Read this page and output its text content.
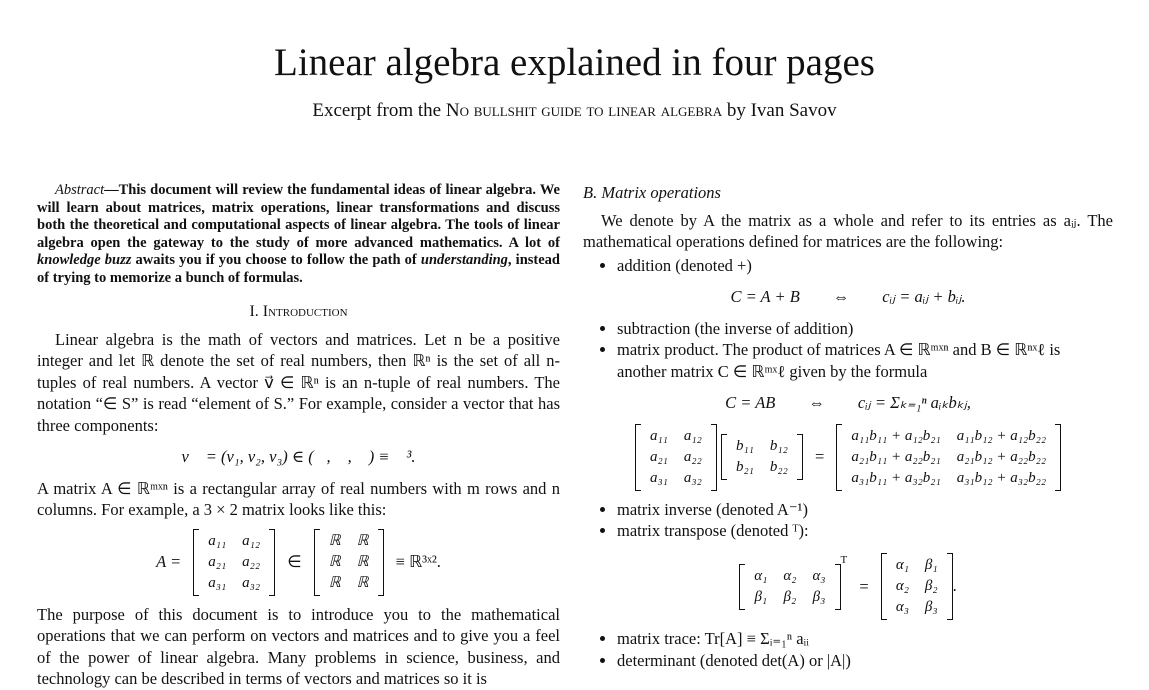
Linear algebra explained in four pages
Excerpt from the No bullshit guide to linear algebra by Ivan Savov
Abstract—This document will review the fundamental ideas of linear algebra. We will learn about matrices, matrix operations, linear transformations and discuss both the theoretical and computational aspects of linear algebra. The tools of linear algebra open the gateway to the study of more advanced mathematics. A lot of knowledge buzz awaits you if you choose to follow the path of understanding, instead of trying to memorize a bunch of formulas.
I. Introduction

Linear algebra is the math of vectors and matrices. Let n be a positive integer and let ℝ denote the set of real numbers, then ℝⁿ is the set of all n-tuples of real numbers. A vector v⃗ ∈ ℝⁿ is an n-tuple of real numbers. The notation “∈ S” is read “element of S.” For example, consider a vector that has three components:

v⃗ = (v₁, v₂, v₃) ∈ (ℝ, ℝ, ℝ) ≡ ℝ³.

A matrix A ∈ ℝᵐˣⁿ is a rectangular array of real numbers with m rows and n columns. For example, a 3 × 2 matrix looks like this:

A =
a₁₁	a₁₂
a₂₁	a₂₂
a₃₁	a₃₂
∈
ℝ	ℝ
ℝ	ℝ
ℝ	ℝ
≡ ℝ³ˣ².

The purpose of this document is to introduce you to the mathematical operations that we can perform on vectors and matrices and to give you a feel of the power of linear algebra. Many problems in science, business, and technology can be described in terms of vectors and matrices so it is

B. Matrix operations

We denote by A the matrix as a whole and refer to its entries as aᵢⱼ. The mathematical operations defined for matrices are the following:

• addition (denoted +)
C = A + B        ⇔        cᵢⱼ = aᵢⱼ + bᵢⱼ.
• subtraction (the inverse of addition)
• matrix product. The product of matrices A ∈ ℝᵐˣⁿ and B ∈ ℝⁿˣℓ is another matrix C ∈ ℝᵐˣℓ given by the formula
C = AB        ⇔        cᵢⱼ = Σₖ₌₁ⁿ aᵢₖbₖⱼ,
a₁₁	a₁₂
a₂₁	a₂₂
a₃₁	a₃₂

b₁₁	b₁₂
b₂₁	b₂₂
=
a₁₁b₁₁ + a₁₂b₂₁	a₁₁b₁₂ + a₁₂b₂₂
a₂₁b₁₁ + a₂₂b₂₁	a₂₁b₁₂ + a₂₂b₂₂
a₃₁b₁₁ + a₃₂b₂₁	a₃₁b₁₂ + a₃₂b₂₂
• matrix inverse (denoted A⁻¹)
• matrix transpose (denoted ᵀ):
α₁	α₂	α₃
β₁	β₂	β₃
$^T$ =
α₁	β₁
α₂	β₂
α₃	β₃
.
• matrix trace: Tr[A] ≡ Σᵢ₌₁ⁿ aᵢᵢ
• determinant (denoted det(A) or |A|)
